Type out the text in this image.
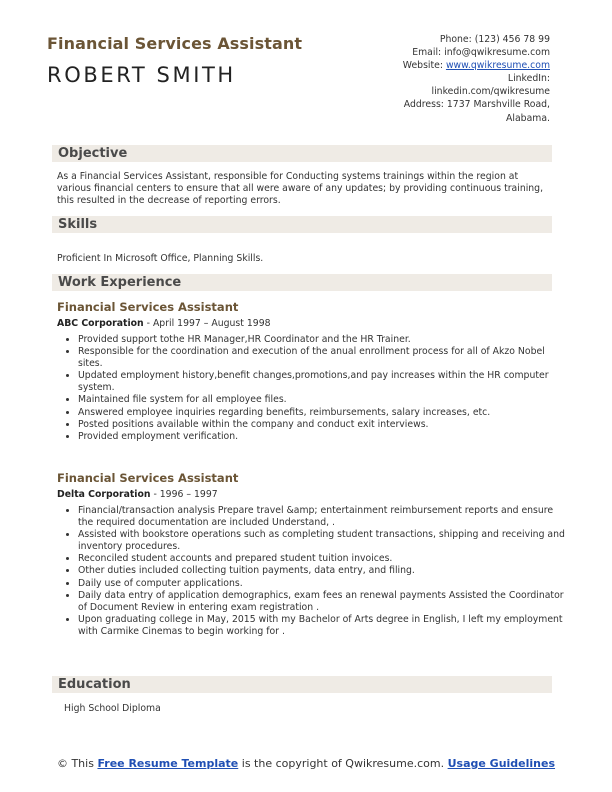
Financial Services Assistant
ROBERT SMITH
Phone: (123) 456 78 99
Email: info@qwikresume.com
Website: www.qwikresume.com
LinkedIn:
linkedin.com/qwikresume
Address: 1737 Marshville Road,
Alabama.
Objective
As a Financial Services Assistant, responsible for Conducting systems trainings within the region at various financial centers to ensure that all were aware of any updates; by providing continuous training, this resulted in the decrease of reporting errors.
Skills
Proficient In Microsoft Office, Planning Skills.
Work Experience
Financial Services Assistant
ABC Corporation - April 1997 – August 1998
• Provided support tothe HR Manager,HR Coordinator and the HR Trainer.
• Responsible for the coordination and execution of the anual enrollment process for all of Akzo Nobel sites.
• Updated employment history,benefit changes,promotions,and pay increases within the HR computer system.
• Maintained file system for all employee files.
• Answered employee inquiries regarding benefits, reimbursements, salary increases, etc.
• Posted positions available within the company and conduct exit interviews.
• Provided employment verification.
Financial Services Assistant
Delta Corporation - 1996 – 1997
• Financial/transaction analysis Prepare travel &amp; entertainment reimbursement reports and ensure the required documentation are included Understand, .
• Assisted with bookstore operations such as completing student transactions, shipping and receiving and inventory procedures.
• Reconciled student accounts and prepared student tuition invoices.
• Other duties included collecting tuition payments, data entry, and filing.
• Daily use of computer applications.
• Daily data entry of application demographics, exam fees an renewal payments Assisted the Coordinator of Document Review in entering exam registration .
• Upon graduating college in May, 2015 with my Bachelor of Arts degree in English, I left my employment with Carmike Cinemas to begin working for .
Education
High School Diploma
© This Free Resume Template is the copyright of Qwikresume.com. Usage Guidelines
